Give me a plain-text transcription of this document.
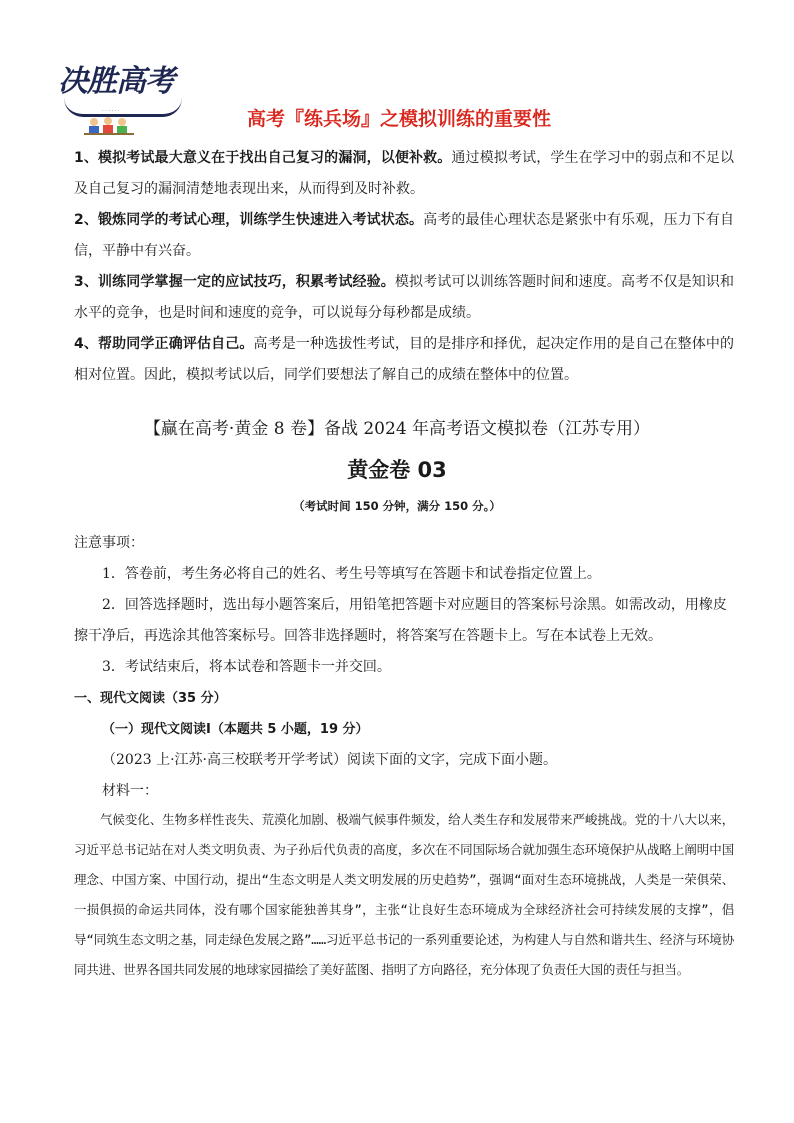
决胜高考
· · · · · ·	高考『练兵场』之模拟训练的重要性

1、模拟考试最大意义在于找出自己复习的漏洞，以便补救。通过模拟考试，学生在学习中的弱点和不足以及自己复习的漏洞清楚地表现出来，从而得到及时补救。

2、锻炼同学的考试心理，训练学生快速进入考试状态。高考的最佳心理状态是紧张中有乐观，压力下有自信，平静中有兴奋。

3、训练同学掌握一定的应试技巧，积累考试经验。模拟考试可以训练答题时间和速度。高考不仅是知识和水平的竞争，也是时间和速度的竞争，可以说每分每秒都是成绩。

4、帮助同学正确评估自己。高考是一种选拔性考试，目的是排序和择优，起决定作用的是自己在整体中的相对位置。因此，模拟考试以后，同学们要想法了解自己的成绩在整体中的位置。

【赢在高考·黄金 8 卷】备战 2024 年高考语文模拟卷（江苏专用）
黄金卷 03
（考试时间 150 分钟，满分 150 分。）

注意事项：

1．答卷前，考生务必将自己的姓名、考生号等填写在答题卡和试卷指定位置上。

2．回答选择题时，选出每小题答案后，用铅笔把答题卡对应题目的答案标号涂黑。如需改动，用橡皮擦干净后，再选涂其他答案标号。回答非选择题时，将答案写在答题卡上。写在本试卷上无效。

3．考试结束后，将本试卷和答题卡一并交回。

一、现代文阅读（35 分）

（一）现代文阅读Ⅰ（本题共 5 小题，19 分）

（2023 上·江苏·高三校联考开学考试）阅读下面的文字，完成下面小题。

材料一：

气候变化、生物多样性丧失、荒漠化加剧、极端气候事件频发，给人类生存和发展带来严峻挑战。党的十八大以来，习近平总书记站在对人类文明负责、为子孙后代负责的高度，多次在不同国际场合就加强生态环境保护从战略上阐明中国理念、中国方案、中国行动，提出“生态文明是人类文明发展的历史趋势”，强调“面对生态环境挑战，人类是一荣俱荣、一损俱损的命运共同体，没有哪个国家能独善其身”，主张“让良好生态环境成为全球经济社会可持续发展的支撑”，倡导“同筑生态文明之基，同走绿色发展之路”……习近平总书记的一系列重要论述，为构建人与自然和谐共生、经济与环境协同共进、世界各国共同发展的地球家园描绘了美好蓝图、指明了方向路径，充分体现了负责任大国的责任与担当。
